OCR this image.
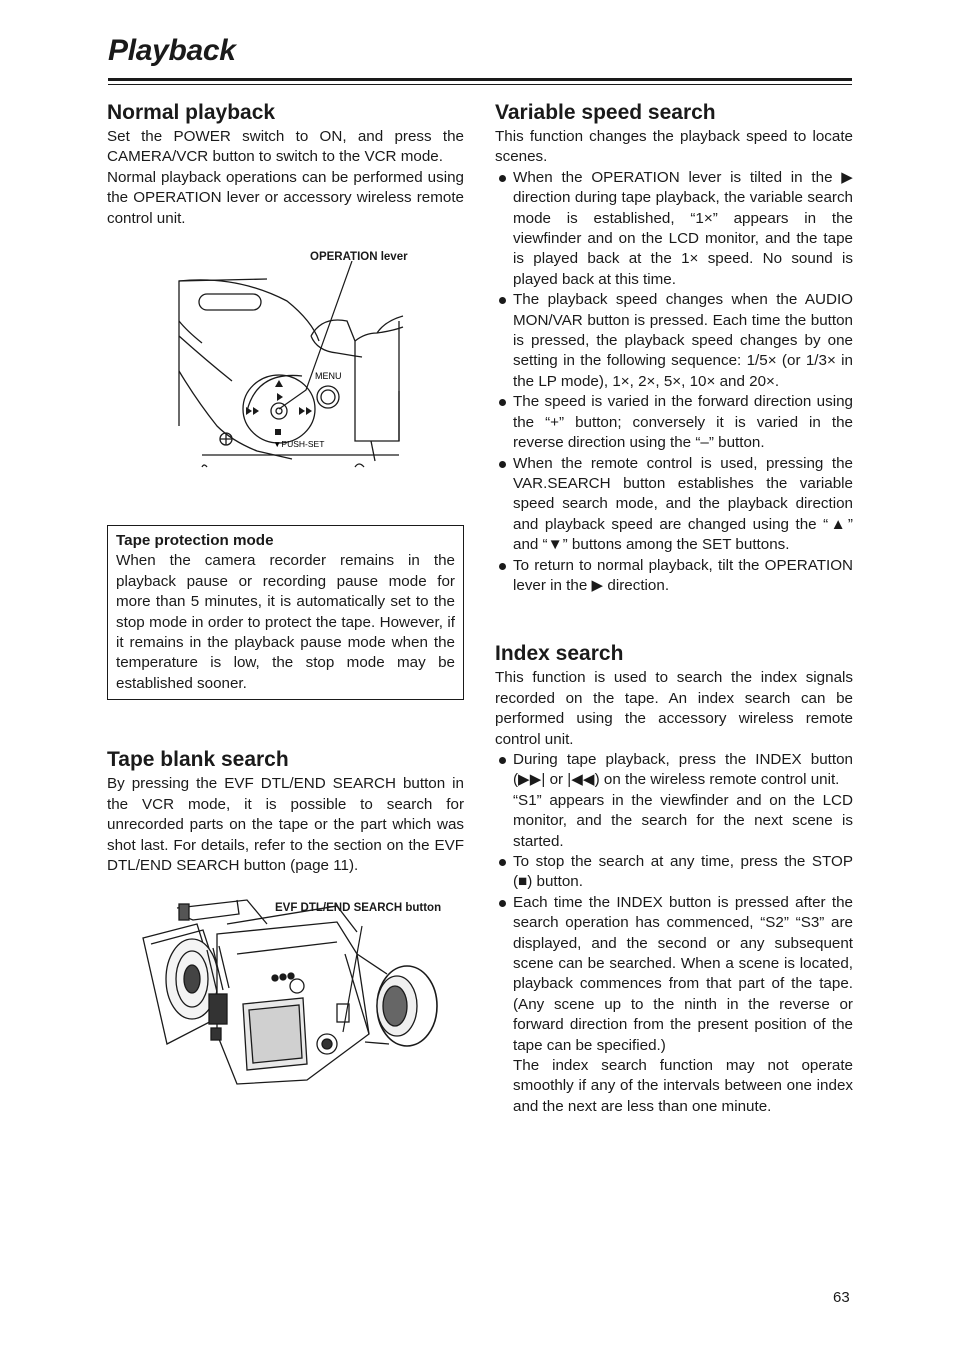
Playback
Normal playback

Set the POWER switch to ON, and press the CAMERA/VCR button to switch to the VCR mode.

Normal playback operations can be performed using the OPERATION lever or accessory wireless remote control unit.

OPERATION lever
MENU
▼PUSH-SET
Tape protection mode

When the camera recorder remains in the playback pause or recording pause mode for more than 5 minutes, it is automatically set to the stop mode in order to protect the tape. However, if it remains in the playback pause mode when the temperature is low, the stop mode may be established sooner.

Tape blank search

By pressing the EVF DTL/END SEARCH button in the VCR mode, it is possible to search for unrecorded parts on the tape or the part which was shot last. For details, refer to the section on the EVF DTL/END SEARCH button (page 11).

EVF DTL/END SEARCH button
Variable speed search

This function changes the playback speed to locate scenes.

When the OPERATION lever is tilted in the ▶ direction during tape playback, the variable search mode is established, “1×” appears in the viewfinder and on the LCD monitor, and the tape is played back at the 1× speed. No sound is played back at this time.
The playback speed changes when the AUDIO MON/VAR button is pressed. Each time the button is pressed, the playback speed changes by one setting in the following sequence: 1/5× (or 1/3× in the LP mode), 1×, 2×, 5×, 10× and 20×.
The speed is varied in the forward direction using the “+” button; conversely it is varied in the reverse direction using the “–” button.
When the remote control is used, pressing the VAR.SEARCH button establishes the variable speed search mode, and the playback direction and playback speed are changed using the “▲” and “▼” buttons among the SET buttons.
To return to normal playback, tilt the OPERATION lever in the ▶ direction.
Index search

This function is used to search the index signals recorded on the tape. An index search can be performed using the accessory wireless remote control unit.

During tape playback, press the INDEX button (▶▶| or |◀◀) on the wireless remote control unit.

“S1” appears in the viewfinder and on the LCD monitor, and the search for the next scene is started.

To stop the search at any time, press the STOP (■) button.

Each time the INDEX button is pressed after the search operation has commenced, “S2” “S3” are displayed, and the second or any subsequent scene can be searched. When a scene is located, playback commences from that part of the tape. (Any scene up to the ninth in the reverse or forward direction from the present position of the tape can be specified.)

The index search function may not operate smoothly if any of the intervals between one index and the next are less than one minute.

63
